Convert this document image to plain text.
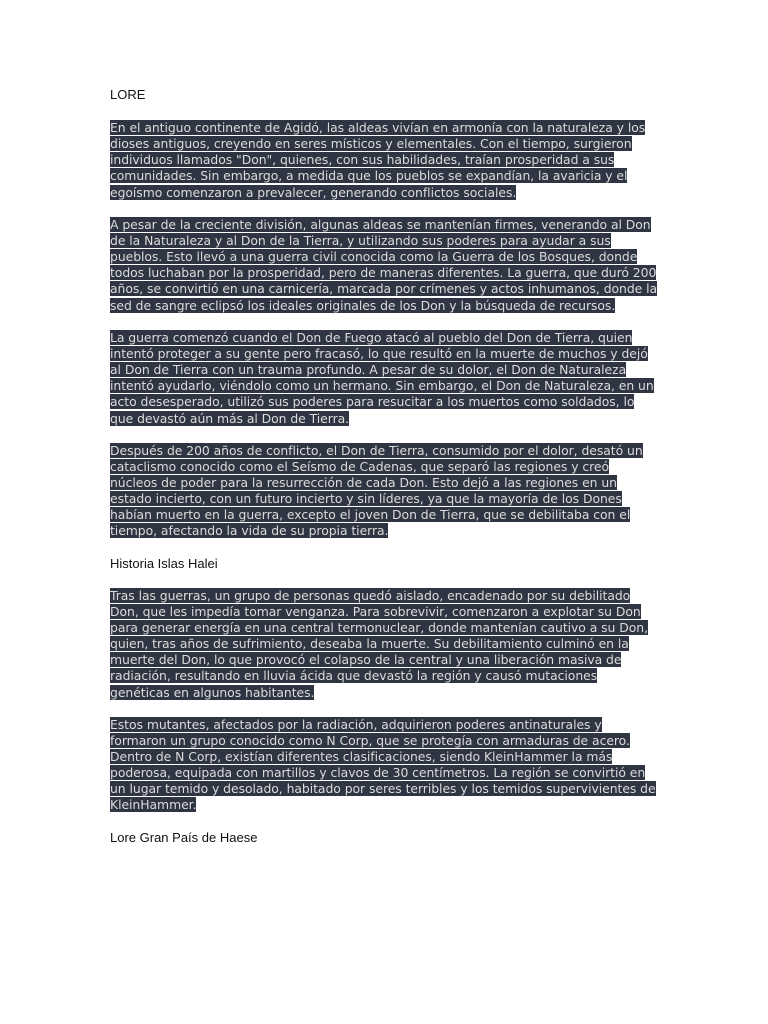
LORE

En el antiguo continente de Agidó, las aldeas vivían en armonía con la naturaleza y los dioses antiguos, creyendo en seres místicos y elementales. Con el tiempo, surgieron individuos llamados "Don", quienes, con sus habilidades, traían prosperidad a sus comunidades. Sin embargo, a medida que los pueblos se expandían, la avaricia y el egoísmo comenzaron a prevalecer, generando conflictos sociales.

A pesar de la creciente división, algunas aldeas se mantenían firmes, venerando al Don de la Naturaleza y al Don de la Tierra, y utilizando sus poderes para ayudar a sus pueblos. Esto llevó a una guerra civil conocida como la Guerra de los Bosques, donde todos luchaban por la prosperidad, pero de maneras diferentes. La guerra, que duró 200 años, se convirtió en una carnicería, marcada por crímenes y actos inhumanos, donde la sed de sangre eclipsó los ideales originales de los Don y la búsqueda de recursos.

La guerra comenzó cuando el Don de Fuego atacó al pueblo del Don de Tierra, quien intentó proteger a su gente pero fracasó, lo que resultó en la muerte de muchos y dejó al Don de Tierra con un trauma profundo. A pesar de su dolor, el Don de Naturaleza intentó ayudarlo, viéndolo como un hermano. Sin embargo, el Don de Naturaleza, en un acto desesperado, utilizó sus poderes para resucitar a los muertos como soldados, lo que devastó aún más al Don de Tierra.

Después de 200 años de conflicto, el Don de Tierra, consumido por el dolor, desató un cataclismo conocido como el Seísmo de Cadenas, que separó las regiones y creó núcleos de poder para la resurrección de cada Don. Esto dejó a las regiones en un estado incierto, con un futuro incierto y sin líderes, ya que la mayoría de los Dones habían muerto en la guerra, excepto el joven Don de Tierra, que se debilitaba con el tiempo, afectando la vida de su propia tierra.

Historia Islas Halei

Tras las guerras, un grupo de personas quedó aislado, encadenado por su debilitado Don, que les impedía tomar venganza. Para sobrevivir, comenzaron a explotar su Don para generar energía en una central termonuclear, donde mantenían cautivo a su Don, quien, tras años de sufrimiento, deseaba la muerte. Su debilitamiento culminó en la muerte del Don, lo que provocó el colapso de la central y una liberación masiva de radiación, resultando en lluvia ácida que devastó la región y causó mutaciones genéticas en algunos habitantes.

Estos mutantes, afectados por la radiación, adquirieron poderes antinaturales y formaron un grupo conocido como N Corp, que se protegía con armaduras de acero. Dentro de N Corp, existían diferentes clasificaciones, siendo KleinHammer la más poderosa, equipada con martillos y clavos de 30 centímetros. La región se convirtió en un lugar temido y desolado, habitado por seres terribles y los temidos supervivientes de KleinHammer.

Lore Gran País de Haese
